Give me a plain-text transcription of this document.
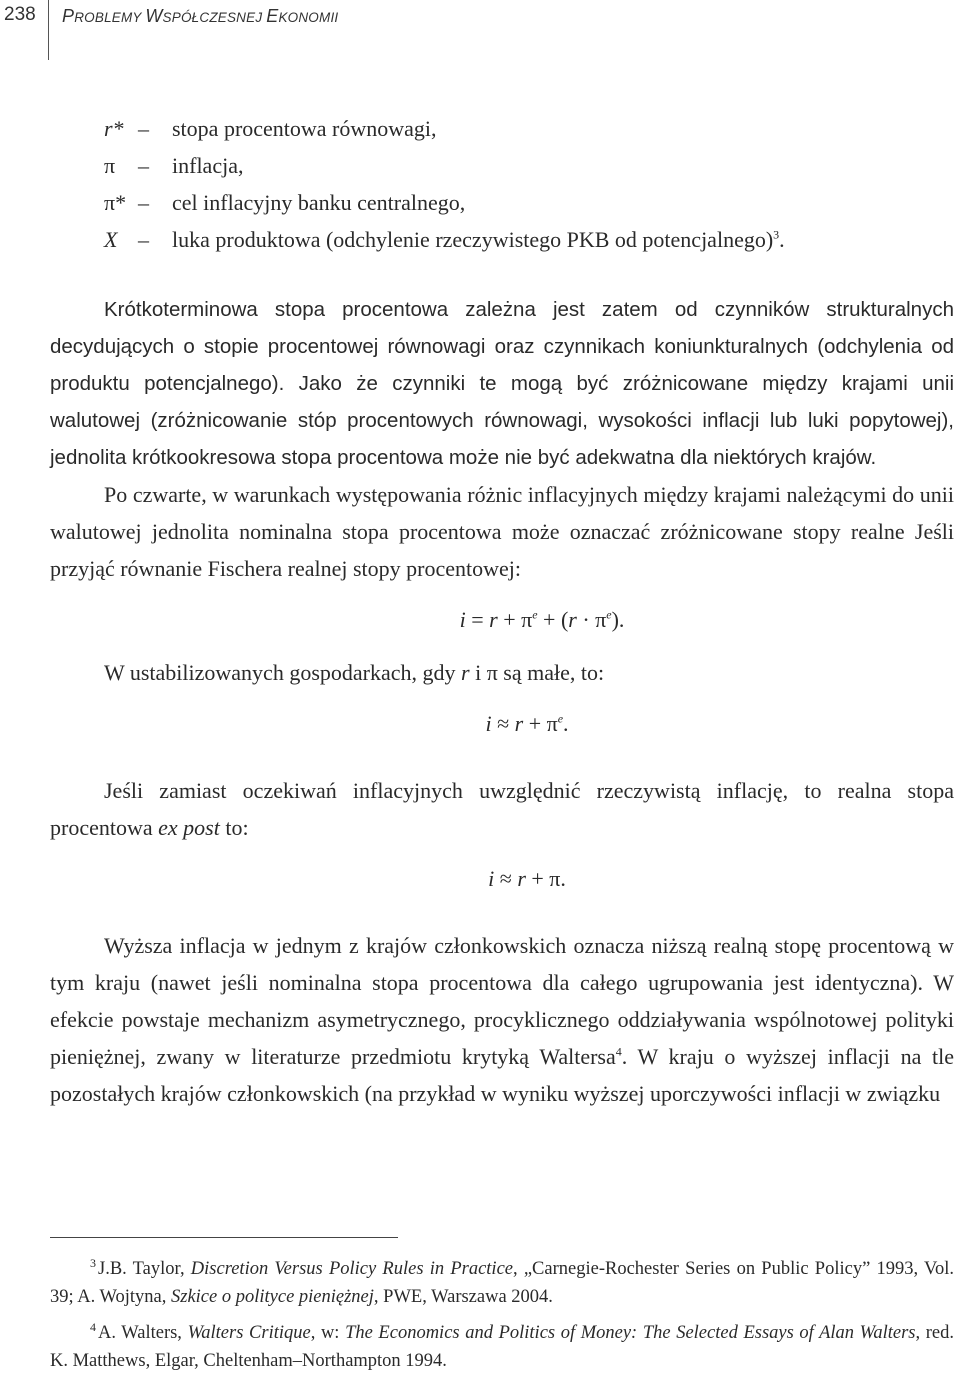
238 PROBLEMY WSPÓŁCZESNEJ EKONOMII
r* – stopa procentowa równowagi,
π – inflacja,
π* – cel inflacyjny banku centralnego,
X – luka produktowa (odchylenie rzeczywistego PKB od potencjalnego)$^3$.

Krótkoterminowa stopa procentowa zależna jest zatem od czynników strukturalnych decydujących o stopie procentowej równowagi oraz czynnikach koniunkturalnych (odchylenia od produktu potencjalnego). Jako że czynniki te mogą być zróżnicowane między krajami unii walutowej (zróżnicowanie stóp procentowych równowagi, wysokości inflacji lub luki popytowej), jednolita krótkookresowa stopa procentowa może nie być adekwatna dla niektórych krajów.

Po czwarte, w warunkach występowania różnic inflacyjnych między krajami należącymi do unii walutowej jednolita nominalna stopa procentowa może oznaczać zróżnicowane stopy realne Jeśli przyjąć równanie Fischera realnej stopy procentowej:

$i = r + \pi^e + (r \cdot \pi^e)$.

W ustabilizowanych gospodarkach, gdy r i π są małe, to:

$i \approx r + \pi^e$.

Jeśli zamiast oczekiwań inflacyjnych uwzględnić rzeczywistą inflację, to realna stopa procentowa ex post to:

i ≈ r + π.

Wyższa inflacja w jednym z krajów członkowskich oznacza niższą realną stopę procentową w tym kraju (nawet jeśli nominalna stopa procentowa dla całego ugrupowania jest identyczna). W efekcie powstaje mechanizm asymetrycznego, procyklicznego oddziaływania wspólnotowej polityki pieniężnej, zwany w literaturze przedmiotu krytyką Waltersa$^4$. W kraju o wyższej inflacji na tle pozostałych krajów członkowskich (na przykład w wyniku wyższej uporczywości inflacji w związku

3 J.B. Taylor, Discretion Versus Policy Rules in Practice, „Carnegie-Rochester Series on Public Policy” 1993, Vol. 39; A. Wojtyna, Szkice o polityce pieniężnej, PWE, Warszawa 2004.

4 A. Walters, Walters Critique, w: The Economics and Politics of Money: The Selected Essays of Alan Walters, red. K. Matthews, Elgar, Cheltenham–Northampton 1994.
